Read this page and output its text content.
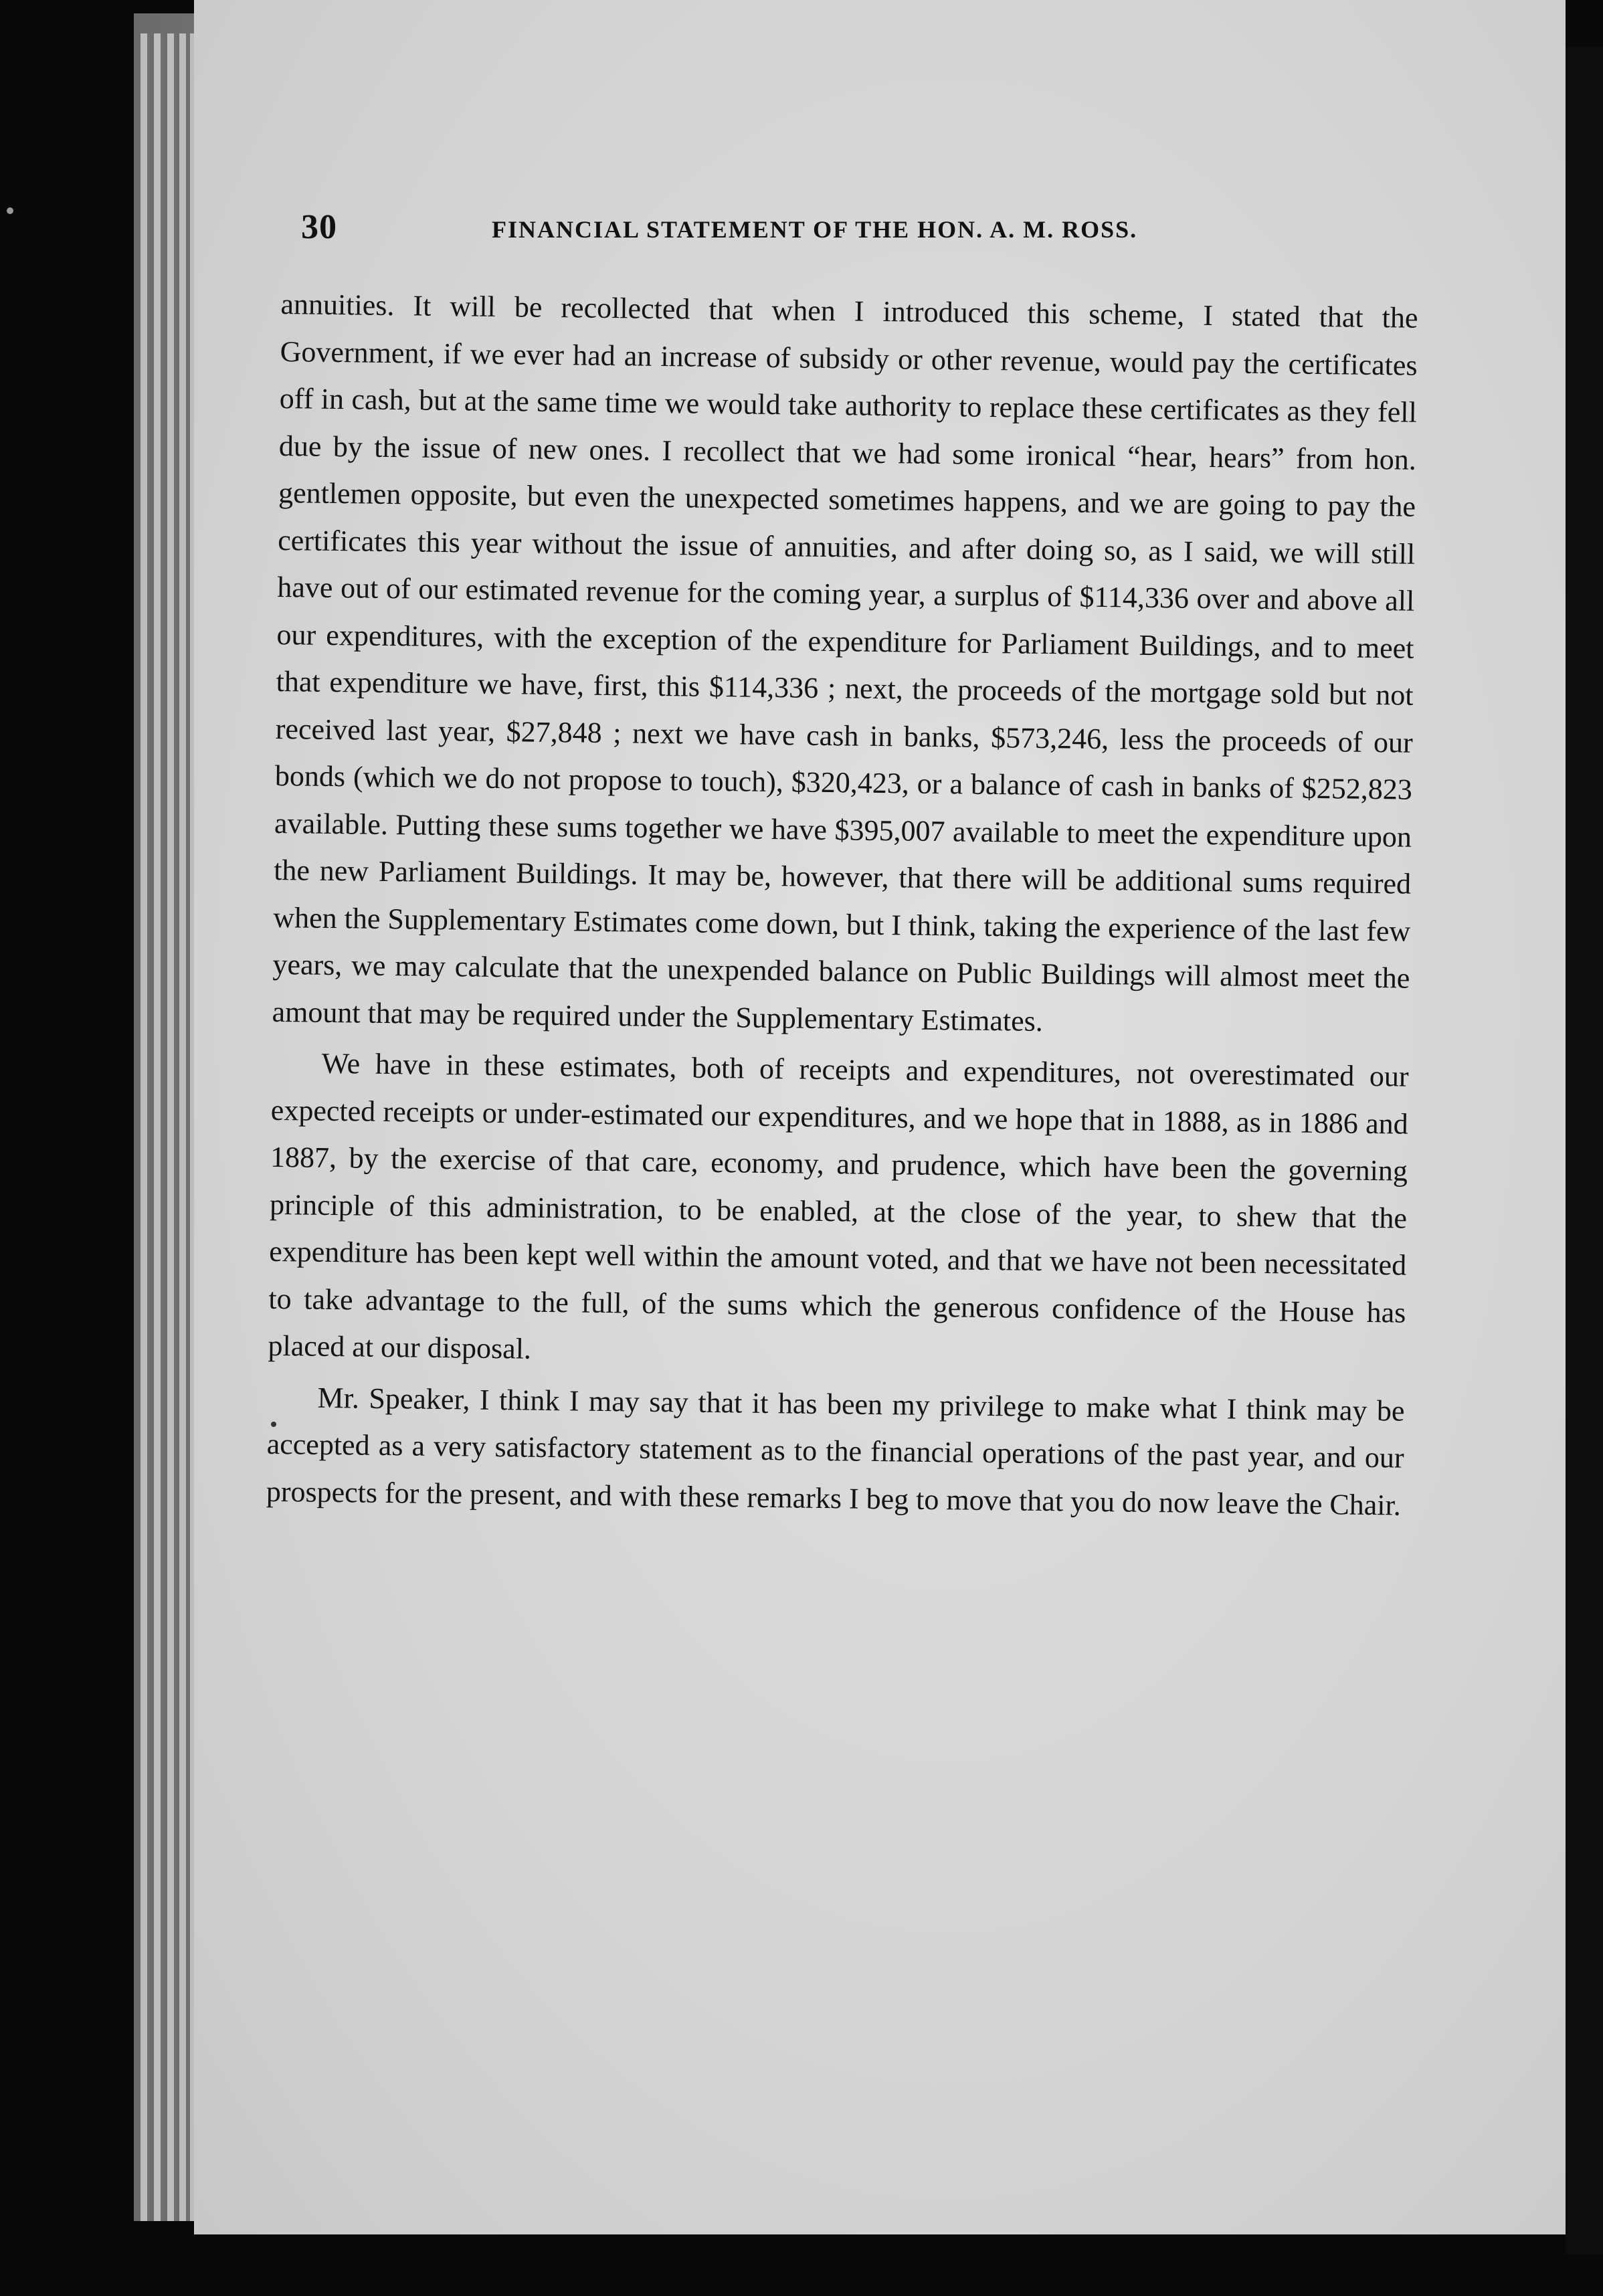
30	FINANCIAL STATEMENT OF THE HON. A. M. ROSS.

annuities. It will be recollected that when I introduced this scheme, I stated that the Government, if we ever had an increase of subsidy or other revenue, would pay the certificates off in cash, but at the same time we would take authority to replace these certificates as they fell due by the issue of new ones. I recollect that we had some ironical “hear, hears” from hon. gentlemen opposite, but even the unexpected sometimes happens, and we are going to pay the certificates this year without the issue of annuities, and after doing so, as I said, we will still have out of our estimated revenue for the coming year, a surplus of $114,336 over and above all our expenditures, with the exception of the expenditure for Parliament Buildings, and to meet that expenditure we have, first, this $114,336 ; next, the proceeds of the mortgage sold but not received last year, $27,848 ; next we have cash in banks, $573,246, less the proceeds of our bonds (which we do not propose to touch), $320,423, or a balance of cash in banks of $252,823 available. Putting these sums together we have $395,007 available to meet the expenditure upon the new Parliament Buildings. It may be, however, that there will be additional sums required when the Supplementary Estimates come down, but I think, taking the experience of the last few years, we may calculate that the unexpended balance on Public Buildings will almost meet the amount that may be required under the Supplementary Estimates.

We have in these estimates, both of receipts and expenditures, not overestimated our expected receipts or under-estimated our expenditures, and we hope that in 1888, as in 1886 and 1887, by the exercise of that care, economy, and prudence, which have been the governing principle of this administration, to be enabled, at the close of the year, to shew that the expenditure has been kept well within the amount voted, and that we have not been necessitated to take advantage to the full, of the sums which the generous confidence of the House has placed at our disposal.

Mr. Speaker, I think I may say that it has been my privilege to make what I think may be accepted as a very satisfactory statement as to the financial operations of the past year, and our prospects for the present, and with these remarks I beg to move that you do now leave the Chair.
